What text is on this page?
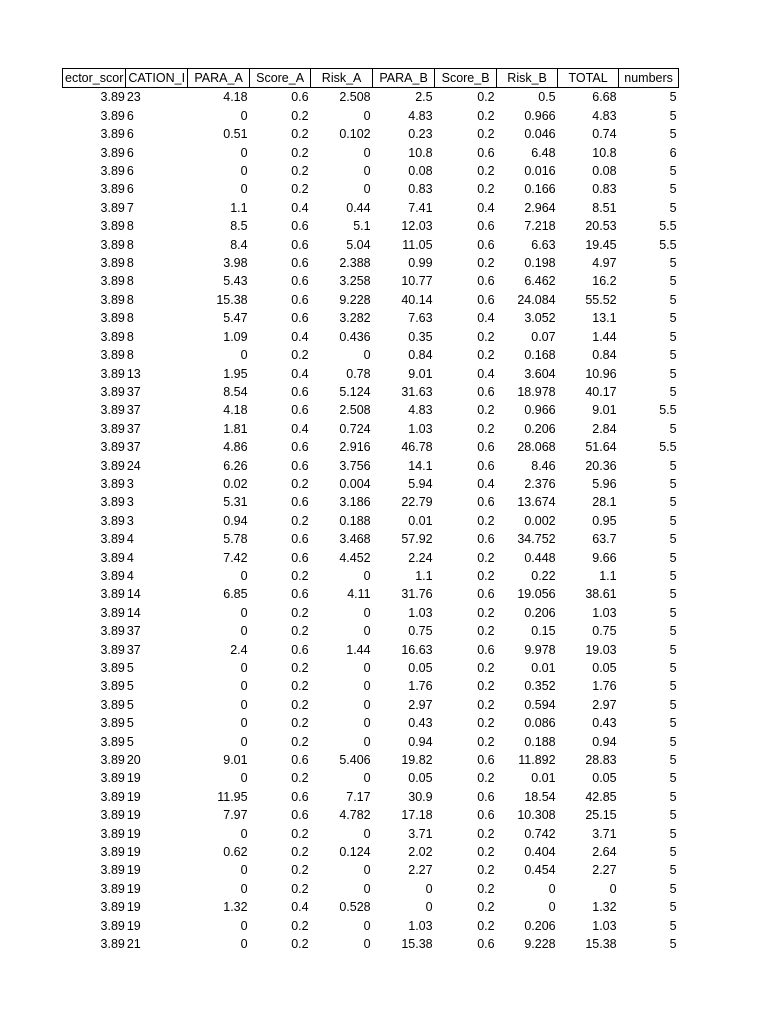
ector_scor	CATION_I	PARA_A	Score_A	Risk_A	PARA_B	Score_B	Risk_B	TOTAL	numbers
3.89	23	4.18	0.6	2.508	2.5	0.2	0.5	6.68	5
3.89	6	0	0.2	0	4.83	0.2	0.966	4.83	5
3.89	6	0.51	0.2	0.102	0.23	0.2	0.046	0.74	5
3.89	6	0	0.2	0	10.8	0.6	6.48	10.8	6
3.89	6	0	0.2	0	0.08	0.2	0.016	0.08	5
3.89	6	0	0.2	0	0.83	0.2	0.166	0.83	5
3.89	7	1.1	0.4	0.44	7.41	0.4	2.964	8.51	5
3.89	8	8.5	0.6	5.1	12.03	0.6	7.218	20.53	5.5
3.89	8	8.4	0.6	5.04	11.05	0.6	6.63	19.45	5.5
3.89	8	3.98	0.6	2.388	0.99	0.2	0.198	4.97	5
3.89	8	5.43	0.6	3.258	10.77	0.6	6.462	16.2	5
3.89	8	15.38	0.6	9.228	40.14	0.6	24.084	55.52	5
3.89	8	5.47	0.6	3.282	7.63	0.4	3.052	13.1	5
3.89	8	1.09	0.4	0.436	0.35	0.2	0.07	1.44	5
3.89	8	0	0.2	0	0.84	0.2	0.168	0.84	5
3.89	13	1.95	0.4	0.78	9.01	0.4	3.604	10.96	5
3.89	37	8.54	0.6	5.124	31.63	0.6	18.978	40.17	5
3.89	37	4.18	0.6	2.508	4.83	0.2	0.966	9.01	5.5
3.89	37	1.81	0.4	0.724	1.03	0.2	0.206	2.84	5
3.89	37	4.86	0.6	2.916	46.78	0.6	28.068	51.64	5.5
3.89	24	6.26	0.6	3.756	14.1	0.6	8.46	20.36	5
3.89	3	0.02	0.2	0.004	5.94	0.4	2.376	5.96	5
3.89	3	5.31	0.6	3.186	22.79	0.6	13.674	28.1	5
3.89	3	0.94	0.2	0.188	0.01	0.2	0.002	0.95	5
3.89	4	5.78	0.6	3.468	57.92	0.6	34.752	63.7	5
3.89	4	7.42	0.6	4.452	2.24	0.2	0.448	9.66	5
3.89	4	0	0.2	0	1.1	0.2	0.22	1.1	5
3.89	14	6.85	0.6	4.11	31.76	0.6	19.056	38.61	5
3.89	14	0	0.2	0	1.03	0.2	0.206	1.03	5
3.89	37	0	0.2	0	0.75	0.2	0.15	0.75	5
3.89	37	2.4	0.6	1.44	16.63	0.6	9.978	19.03	5
3.89	5	0	0.2	0	0.05	0.2	0.01	0.05	5
3.89	5	0	0.2	0	1.76	0.2	0.352	1.76	5
3.89	5	0	0.2	0	2.97	0.2	0.594	2.97	5
3.89	5	0	0.2	0	0.43	0.2	0.086	0.43	5
3.89	5	0	0.2	0	0.94	0.2	0.188	0.94	5
3.89	20	9.01	0.6	5.406	19.82	0.6	11.892	28.83	5
3.89	19	0	0.2	0	0.05	0.2	0.01	0.05	5
3.89	19	11.95	0.6	7.17	30.9	0.6	18.54	42.85	5
3.89	19	7.97	0.6	4.782	17.18	0.6	10.308	25.15	5
3.89	19	0	0.2	0	3.71	0.2	0.742	3.71	5
3.89	19	0.62	0.2	0.124	2.02	0.2	0.404	2.64	5
3.89	19	0	0.2	0	2.27	0.2	0.454	2.27	5
3.89	19	0	0.2	0	0	0.2	0	0	5
3.89	19	1.32	0.4	0.528	0	0.2	0	1.32	5
3.89	19	0	0.2	0	1.03	0.2	0.206	1.03	5
3.89	21	0	0.2	0	15.38	0.6	9.228	15.38	5
